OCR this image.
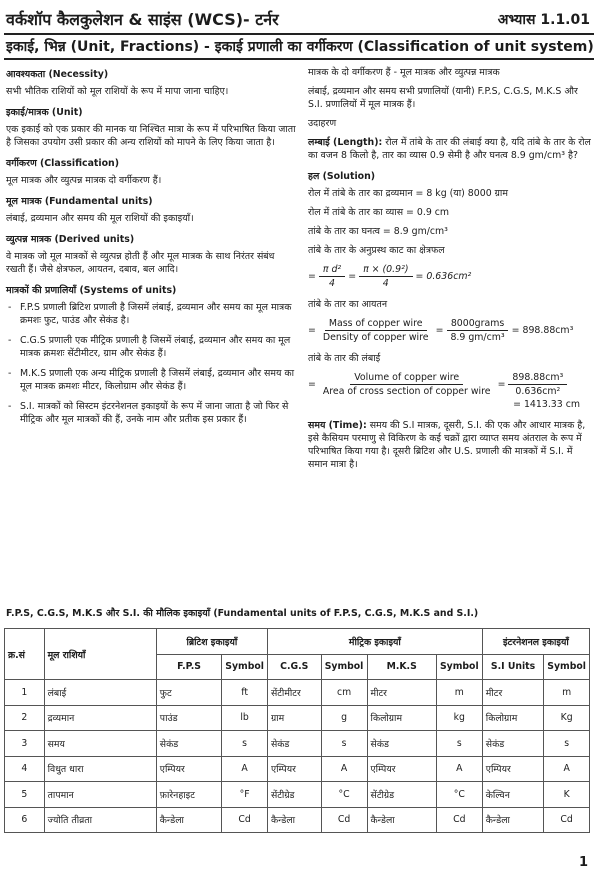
वर्कशॉप कैलकुलेशन & साइंस (WCS)- टर्नर	अभ्यास 1.1.01
इकाई, भिन्न (Unit, Fractions) - इकाई प्रणाली का वर्गीकरण (Classification of unit system)
आवश्यकता (Necessity)

सभी भौतिक राशियों को मूल राशियों के रूप में मापा जाना चाहिए।

इकाई/मात्रक (Unit)

एक इकाई को एक प्रकार की मानक या निश्चित मात्रा के रूप में परिभाषित किया जाता है जिसका उपयोग उसी प्रकार की अन्य राशियों को मापने के लिए किया जाता है।

वर्गीकरण (Classification)

मूल मात्रक और व्युत्पन्न मात्रक दो वर्गीकरण हैं।

मूल मात्रक (Fundamental units)

लंबाई, द्रव्यमान और समय की मूल राशियों की इकाइयाँ।

व्युत्पन्न मात्रक (Derived units)

वे मात्रक जो मूल मात्रकों से व्युत्पन्न होती हैं और मूल मात्रक के साथ निरंतर संबंध रखती हैं। जैसे क्षेत्रफल, आयतन, दबाव, बल आदि।

मात्रकों की प्रणालियाँ (Systems of units)
- F.P.S प्रणाली ब्रिटिश प्रणाली है जिसमें लंबाई, द्रव्यमान और समय का मूल मात्रक क्रमशः फुट, पाउंड और सेकंड है।
- C.G.S प्रणाली एक मीट्रिक प्रणाली है जिसमें लंबाई, द्रव्यमान और समय का मूल मात्रक क्रमशः सेंटीमीटर, ग्राम और सेकंड हैं।
- M.K.S प्रणाली एक अन्य मीट्रिक प्रणाली है जिसमें लंबाई, द्रव्यमान और समय का मूल मात्रक क्रमशः मीटर, किलोग्राम और सेकंड हैं।
- S.I. मात्रकों को सिस्टम इंटरनेशनल इकाइयों के रूप में जाना जाता है जो फिर से मीट्रिक और मूल मात्रकों की हैं, उनके नाम और प्रतीक इस प्रकार हैं।

मात्रक के दो वर्गीकरण हैं - मूल मात्रक और व्युत्पन्न मात्रक

लंबाई, द्रव्यमान और समय सभी प्रणालियों (यानी) F.P.S, C.G.S, M.K.S और S.I. प्रणालियों में मूल मात्रक हैं।

उदाहरण

लम्बाई (Length): रोल में तांबे के तार की लंबाई क्या है, यदि तांबे के तार के रोल का वजन 8 किलो है, तार का व्यास 0.9 सेमी है और घनत्व 8.9 gm/cm³ है?

हल (Solution)

रोल में तांबे के तार का द्रव्यमान = 8 kg (या) 8000 ग्राम

रोल में तांबे के तार का व्यास = 0.9 cm

तांबे के तार का घनत्व = 8.9 gm/cm³

तांबे के तार के अनुप्रस्थ काट का क्षेत्रफल

= $\frac{\text{π d²}}{4} = \frac{\text{π × (0.9²)}}{4} = 0.636cm^2$

तांबे के तार का आयतन

= $\frac{\text{Mass of copper wire}}{\text{Density of copper wire}} = \frac{\text{8000grams}}{\text{8.9 gm/cm³}} = 898.88cm^3$

तांबे के तार की लंबाई

= $\frac{\text{Volume of copper wire}}{\text{Area of cross section of copper wire}} = \frac{\text{898.88cm³}}{\text{0.636cm²}}$
= 1413.33 cm

समय (Time): समय की S.I मात्रक, दूसरी, S.I. की एक और आधार मात्रक है, इसे कैसियम परमाणु से विकिरण के कई चक्रों द्वारा व्याप्त समय अंतराल के रूप में परिभाषित किया गया है। दूसरी ब्रिटिश और U.S. प्रणाली की मात्रकों में S.I. में समान मात्रा है।

F.P.S, C.G.S, M.K.S और S.I. की मौलिक इकाइयाँ (Fundamental units of F.P.S, C.G.S, M.K.S and S.I.)
क्र.सं	मूल राशियाँ	ब्रिटिश इकाइयाँ		मीट्रिक इकाइयाँ				इंटरनेशनल इकाइयाँ	
		F.P.S	Symbol	C.G.S	Symbol	M.K.S	Symbol	S.I Units	Symbol
1	लंबाई	फुट	ft	सेंटीमीटर	cm	मीटर	m	मीटर	m
2	द्रव्यमान	पाउंड	lb	ग्राम	g	किलोग्राम	kg	किलोग्राम	Kg
3	समय	सेकंड	s	सेकंड	s	सेकंड	s	सेकंड	s
4	विधुत धारा	एम्पियर	A	एम्पियर	A	एम्पियर	A	एम्पियर	A
5	तापमान	फ़ारेनहाइट	°F	सेंटीग्रेड	°C	सेंटीग्रेड	°C	केल्विन	K
6	ज्योति तीव्रता	कैन्डेला	Cd	कैन्डेला	Cd	कैन्डेला	Cd	कैन्डेला	Cd
1
